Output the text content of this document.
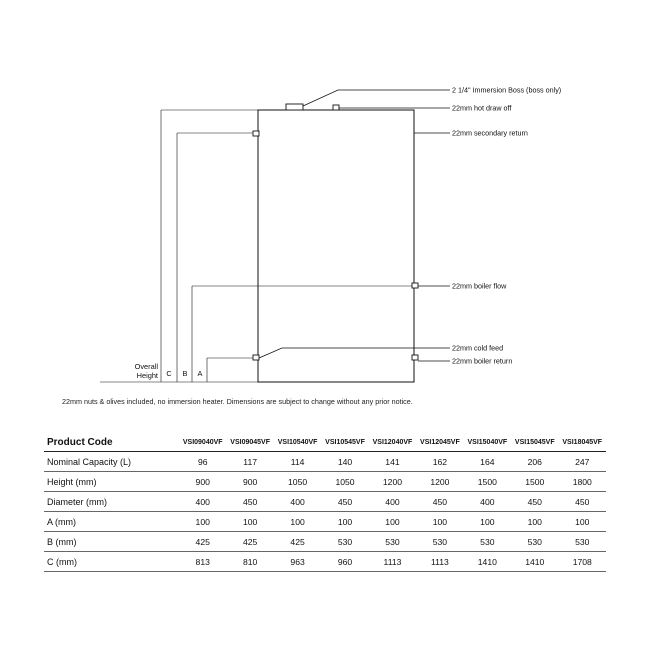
2 1/4" Immersion Boss (boss only)
22mm hot draw off
22mm secondary return
22mm boiler flow
22mm cold feed
22mm boiler return
Overall
Height C B A
22mm nuts & olives included, no immersion heater. Dimensions are subject to change without any prior notice.
Product Code	VSI09040VF	VSI09045VF	VSI10540VF	VSI10545VF	VSI12040VF	VSI12045VF	VSI15040VF	VSI15045VF	VSI18045VF
Nominal Capacity (L)	96	117	114	140	141	162	164	206	247
Height (mm)	900	900	1050	1050	1200	1200	1500	1500	1800
Diameter (mm)	400	450	400	450	400	450	400	450	450
A (mm)	100	100	100	100	100	100	100	100	100
B (mm)	425	425	425	530	530	530	530	530	530
C (mm)	813	810	963	960	1113	1113	1410	1410	1708
